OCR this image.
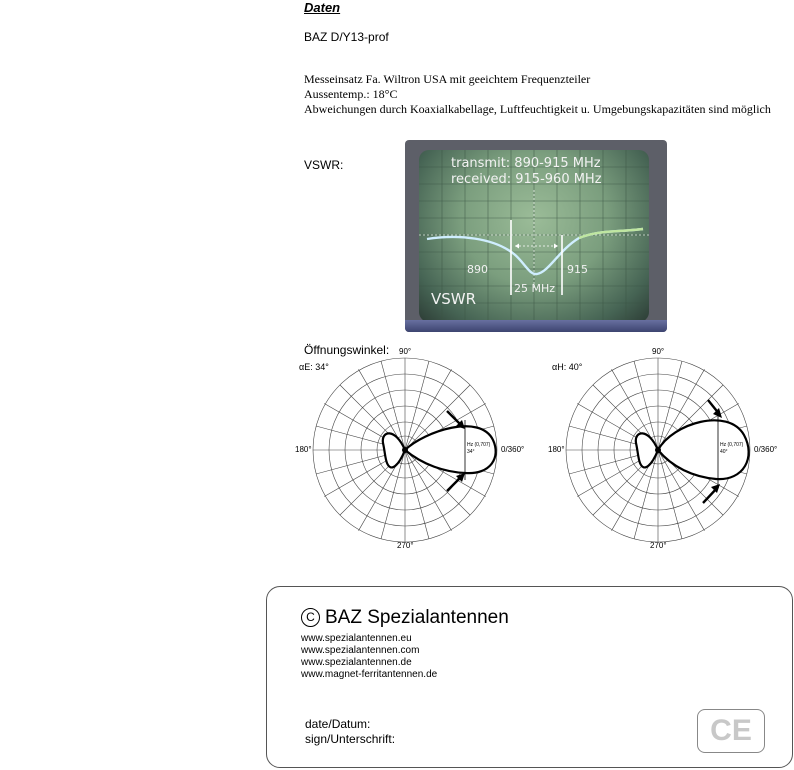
Daten
BAZ D/Y13-prof
Messeinsatz Fa. Wiltron USA mit geeichtem Frequenzteiler
Aussentemp.: 18°C
Abweichungen durch Koaxialkabellage, Luftfeuchtigkeit u. Umgebungskapazitäten sind möglich
VSWR:	transmit: 890-915 MHz
received: 915-960 MHz
890	915
25 MHz
VSWR
Öffnungswinkel:
αE: 34°
90°
180°	0/360°
270°
Hz (0,707)
34°
αH: 40°
90°
180°	0/360°
270°
Hz (0,707)
40°
C BAZ Spezialantennen
www.spezialantennen.eu
www.spezialantennen.com
www.spezialantennen.de
www.magnet-ferritantennen.de
date/Datum:
sign/Unterschrift:	CE
